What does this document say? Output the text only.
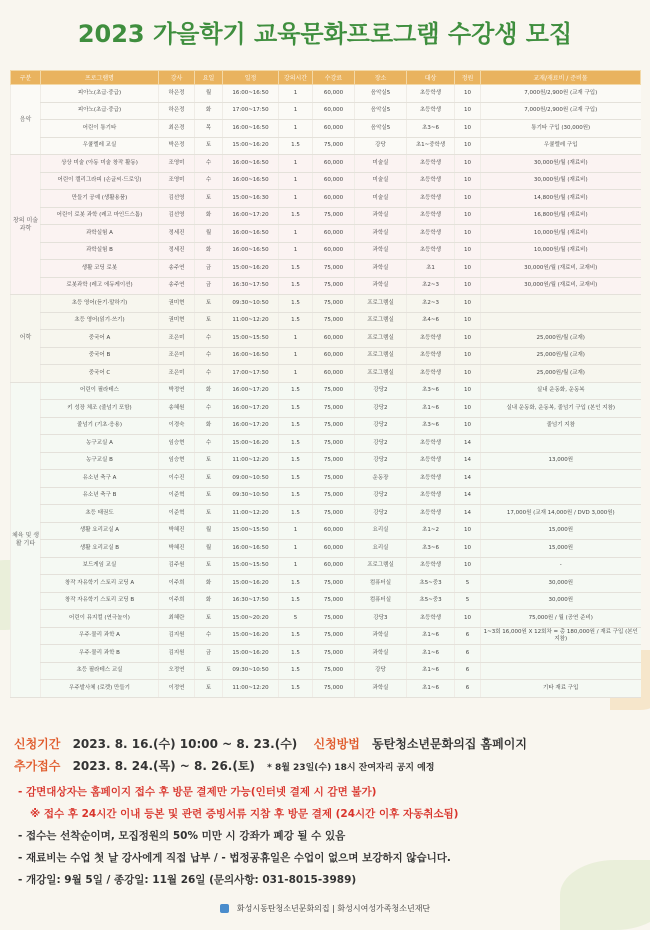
2023 가을학기 교육문화프로그램 수강생 모집
구분	프로그램명	강사	요일	일정	강의시간	수강료	장소	대상	정원	교재/재료비 / 준비물
음악	피아노(초급·중급)	하은정	월	16:00~16:50	1	60,000	음악실5	초등학생	10	7,000원/2,900원 (교재 구입)
	피아노(초급·중급)	하은정	화	17:00~17:50	1	60,000	음악실5	초등학생	10	7,000원/2,900원 (교재 구입)
	어린이 통기타	최은경	목	16:00~16:50	1	60,000	음악실5	초3~6	10	통기타 구입 (30,000원)
	우쿨렐레 교실	박은정	토	15:00~16:20	1.5	75,000	강당	초1~중학생	10	우쿨렐레 구입
창의 미술 과학	상상 미술 (아동 미술 창작 활동)	조영미	수	16:00~16:50	1	60,000	미술실	초등학생	10	30,000원/월 (재료비)
	어린이 캘리그라피 (손글씨·드로잉)	조영미	수	16:00~16:50	1	60,000	미술실	초등학생	10	30,000원/월 (재료비)
	만들기 공예 (생활용품)	김선영	토	15:00~16:30	1	60,000	미술실	초등학생	10	14,800원/월 (재료비)
	어린이 로봇 과학 (레고 마인드스톰)	김선영	화	16:00~17:20	1.5	75,000	과학실	초등학생	10	16,800원/월 (재료비)
	과학실험 A	정세진	월	16:00~16:50	1	60,000	과학실	초등학생	10	10,000원/월 (재료비)
	과학실험 B	정세진	화	16:00~16:50	1	60,000	과학실	초등학생	10	10,000원/월 (재료비)
	생활 코딩 로봇	송주연	금	15:00~16:20	1.5	75,000	과학실	초1	10	30,000원/월 (재료비, 교재비)
	로봇과학 (레고 에듀케이션)	송주연	금	16:30~17:50	1.5	75,000	과학실	초2~3	10	30,000원/월 (재료비, 교재비)
어학	초등 영어(듣기·말하기)	권미현	토	09:30~10:50	1.5	75,000	프로그램실	초2~3	10	
	초등 영어(읽기·쓰기)	권미현	토	11:00~12:20	1.5	75,000	프로그램실	초4~6	10	
	중국어 A	조은미	수	15:00~15:50	1	60,000	프로그램실	초등학생	10	25,000원/월 (교재)
	중국어 B	조은미	수	16:00~16:50	1	60,000	프로그램실	초등학생	10	25,000원/월 (교재)
	중국어 C	조은미	수	17:00~17:50	1	60,000	프로그램실	초등학생	10	25,000원/월 (교재)
체육 및 생활 기타	어린이 필라테스	박정연	화	16:00~17:20	1.5	75,000	강당2	초3~6	10	실내 운동화, 운동복
	키 성장 체조 (줄넘기 포함)	송혜원	수	16:00~17:20	1.5	75,000	강당2	초1~6	10	실내 운동화, 운동복, 줄넘기 구입 (본인 지참)
	줄넘기 (기초·응용)	이경숙	화	16:00~17:20	1.5	75,000	강당2	초3~6	10	줄넘기 지참
	농구교실 A	임승현	수	15:00~16:20	1.5	75,000	강당2	초등학생	14	
	농구교실 B	임승현	토	11:00~12:20	1.5	75,000	강당2	초등학생	14	13,000원
	유소년 축구 A	이수진	토	09:00~10:50	1.5	75,000	운동장	초등학생	14	
	유소년 축구 B	이준혁	토	09:30~10:50	1.5	75,000	강당2	초등학생	14	
	초등 태권도	이준혁	토	11:00~12:20	1.5	75,000	강당2	초등학생	14	17,000원 (교재 14,000원 / DVD 3,000원)
	생활 요리교실 A	박혜진	월	15:00~15:50	1	60,000	요리실	초1~2	10	15,000원
	생활 요리교실 B	박혜진	월	16:00~16:50	1	60,000	요리실	초3~6	10	15,000원
	보드게임 교실	김주원	토	15:00~15:50	1	60,000	프로그램실	초등학생	10	-
	창작 자유학기 스토리 코딩 A	이주희	화	15:00~16:20	1.5	75,000	컴퓨터실	초5~중3	5	30,000원
	창작 자유학기 스토리 코딩 B	이주희	화	16:30~17:50	1.5	75,000	컴퓨터실	초5~중3	5	30,000원
	어린이 뮤지컬 (연극놀이)	최혜란	토	15:00~20:20	5	75,000	강당3	초등학생	10	75,000원 / 월 (공연 준비)
	우주·물리 과학 A	김지원	수	15:00~16:20	1.5	75,000	과학실	초1~6	6	1~3회 16,000원 X 12회차 = 총 180,000원 / 재료 구입 (본인 지참)
	우주·물리 과학 B	김지원	금	15:00~16:20	1.5	75,000	과학실	초1~6	6	
	초등 필라테스 교실	오정연	토	09:30~10:50	1.5	75,000	강당	초1~6	6	
	우주발사체 (로켓) 만들기	이정연	토	11:00~12:20	1.5	75,000	과학실	초1~6	6	기타 재료 구입
신청기간 2023. 8. 16.(수) 10:00 ~ 8. 23.(수) 신청방법 동탄청소년문화의집 홈페이지
추가접수 2023. 8. 24.(목) ~ 8. 26.(토) * 8월 23일(수) 18시 잔여자리 공지 예정
- 감면대상자는 홈페이지 접수 후 방문 결제만 가능(인터넷 결제 시 감면 불가)
※ 접수 후 24시간 이내 등본 및 관련 증빙서류 지참 후 방문 결제 (24시간 이후 자동취소됨)
- 접수는 선착순이며, 모집정원의 50% 미만 시 강좌가 폐강 될 수 있음
- 재료비는 수업 첫 날 강사에게 직접 납부 / - 법정공휴일은 수업이 없으며 보강하지 않습니다.
- 개강일: 9월 5일 / 종강일: 11월 26일 (문의사항: 031-8015-3989)
화성시동탄청소년문화의집 | 화성시여성가족청소년재단
